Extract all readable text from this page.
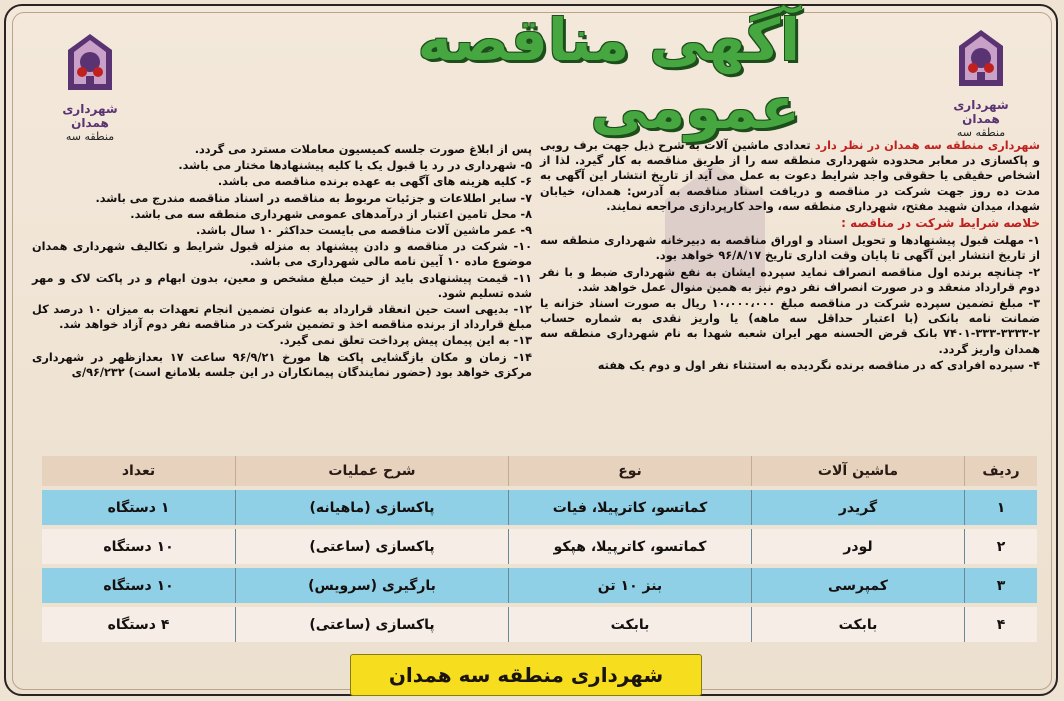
شهرداری همدان
منطقه سه
شهرداری همدان
منطقه سه
آگهی مناقصه عمومی

شهرداری منطقه سه همدان در نظر دارد تعدادی ماشین آلات به شرح ذیل جهت برف روبی و پاکسازی در معابر محدوده شهرداری منطقه سه را از طریق مناقصه به کار گیرد. لذا از اشخاص حقیقی یا حقوقی واجد شرایط دعوت به عمل می آید از تاریخ انتشار این آگهی به مدت ده روز جهت شرکت در مناقصه و دریافت اسناد مناقصه به آدرس: همدان، خیابان شهدا، میدان شهید مفتح، شهرداری منطقه سه، واحد کارپردازی مراجعه نمایند.

خلاصه شرایط شرکت در مناقصه :

۱- مهلت قبول پیشنهادها و تحویل اسناد و اوراق مناقصه به دبیرخانه شهرداری منطقه سه از تاریخ انتشار این آگهی تا پایان وقت اداری تاریخ ۹۶/۸/۱۷ خواهد بود.

۲- چنانچه برنده اول مناقصه انصراف نماید سپرده ایشان به نفع شهرداری ضبط و با نفر دوم قرارداد منعقد و در صورت انصراف نفر دوم نیز به همین منوال عمل خواهد شد.

۳- مبلغ تضمین سپرده شرکت در مناقصه مبلغ ۱۰،۰۰۰،۰۰۰ ریال به صورت اسناد خزانه یا ضمانت نامه بانکی (با اعتبار حداقل سه ماهه) یا واریز نقدی به شماره حساب ۲-۳۳۳۳-۳۳۳-۷۴۰۱ بانک قرض الحسنه مهر ایران شعبه شهدا به نام شهرداری منطقه سه همدان واریز گردد.

۴- سپرده افرادی که در مناقصه برنده نگردیده به استثناء نفر اول و دوم یک هفته

پس از ابلاغ صورت جلسه کمیسیون معاملات مسترد می گردد.

۵- شهرداری در رد یا قبول یک یا کلیه پیشنهادها مختار می باشد.

۶- کلیه هزینه های آگهی به عهده برنده مناقصه می باشد.

۷- سایر اطلاعات و جزئیات مربوط به مناقصه در اسناد مناقصه مندرج می باشد.

۸- محل تامین اعتبار از درآمدهای عمومی شهرداری منطقه سه می باشد.

۹- عمر ماشین آلات مناقصه می بایست حداکثر ۱۰ سال باشد.

۱۰- شرکت در مناقصه و دادن پیشنهاد به منزله قبول شرایط و تکالیف شهرداری همدان موضوع ماده ۱۰ آیین نامه مالی شهرداری می باشد.

۱۱- قیمت پیشنهادی باید از حیث مبلغ مشخص و معین، بدون ابهام و در پاکت لاک و مهر شده تسلیم شود.

۱۲- بدیهی است حین انعقاد قرارداد به عنوان تضمین انجام تعهدات به میزان ۱۰ درصد کل مبلغ قرارداد از برنده مناقصه اخذ و تضمین شرکت در مناقصه نفر دوم آزاد خواهد شد.

۱۳- به این پیمان پیش پرداخت تعلق نمی گیرد.

۱۴- زمان و مکان بازگشایی پاکت ها مورخ ۹۶/۹/۲۱ ساعت ۱۷ بعدازظهر در شهرداری مرکزی خواهد بود (حضور نمایندگان پیمانکاران در این جلسه بلامانع است) ۹۶/۲۳۲/ی

ردیف	ماشین آلات	نوع	شرح عملیات	تعداد
۱	گریدر	کماتسو، کاترپیلا، فیات	پاکسازی (ماهیانه)	۱ دستگاه
۲	لودر	کماتسو، کاترپیلا، هپکو	پاکسازی (ساعتی)	۱۰ دستگاه
۳	کمپرسی	بنز ۱۰ تن	بارگیری (سرویس)	۱۰ دستگاه
۴	بابکت	بابکت	پاکسازی (ساعتی)	۴ دستگاه
شهرداری منطقه سه همدان
